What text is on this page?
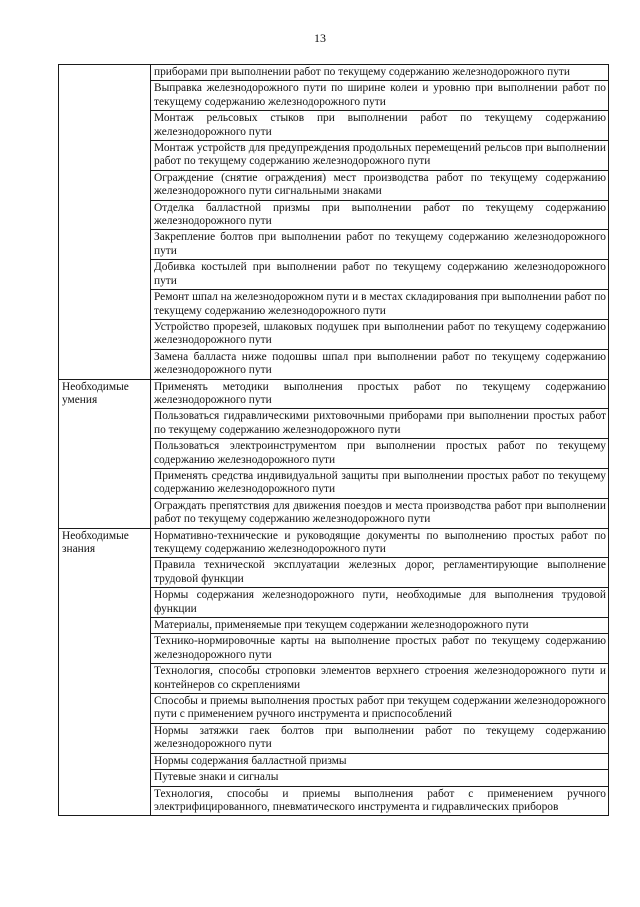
13
	приборами при выполнении работ по текущему содержанию железнодорожного пути
	Выправка железнодорожного пути по ширине колеи и уровню при выполнении работ по текущему содержанию железнодорожного пути
	Монтаж рельсовых стыков при выполнении работ по текущему содержанию железнодорожного пути
	Монтаж устройств для предупреждения продольных перемещений рельсов при выполнении работ по текущему содержанию железнодорожного пути
	Ограждение (снятие ограждения) мест производства работ по текущему содержанию железнодорожного пути сигнальными знаками
	Отделка балластной призмы при выполнении работ по текущему содержанию железнодорожного пути
	Закрепление болтов при выполнении работ по текущему содержанию железнодорожного пути
	Добивка костылей при выполнении работ по текущему содержанию железнодорожного пути
	Ремонт шпал на железнодорожном пути и в местах складирования при выполнении работ по текущему содержанию железнодорожного пути
	Устройство прорезей, шлаковых подушек при выполнении работ по текущему содержанию железнодорожного пути
	Замена балласта ниже подошвы шпал при выполнении работ по текущему содержанию железнодорожного пути
Необходимые умения	Применять методики выполнения простых работ по текущему содержанию железнодорожного пути
	Пользоваться гидравлическими рихтовочными приборами при выполнении простых работ по текущему содержанию железнодорожного пути
	Пользоваться электроинструментом при выполнении простых работ по текущему содержанию железнодорожного пути
	Применять средства индивидуальной защиты при выполнении простых работ по текущему содержанию железнодорожного пути
	Ограждать препятствия для движения поездов и места производства работ при выполнении работ по текущему содержанию железнодорожного пути
Необходимые знания	Нормативно-технические и руководящие документы по выполнению простых работ по текущему содержанию железнодорожного пути
	Правила технической эксплуатации железных дорог, регламентирующие выполнение трудовой функции
	Нормы содержания железнодорожного пути, необходимые для выполнения трудовой функции
	Материалы, применяемые при текущем содержании железнодорожного пути
	Технико-нормировочные карты на выполнение простых работ по текущему содержанию железнодорожного пути
	Технология, способы строповки элементов верхнего строения железнодорожного пути и контейнеров со скреплениями
	Способы и приемы выполнения простых работ при текущем содержании железнодорожного пути с применением ручного инструмента и приспособлений
	Нормы затяжки гаек болтов при выполнении работ по текущему содержанию железнодорожного пути
	Нормы содержания балластной призмы
	Путевые знаки и сигналы
	Технология, способы и приемы выполнения работ с применением ручного электрифицированного, пневматического инструмента и гидравлических приборов
